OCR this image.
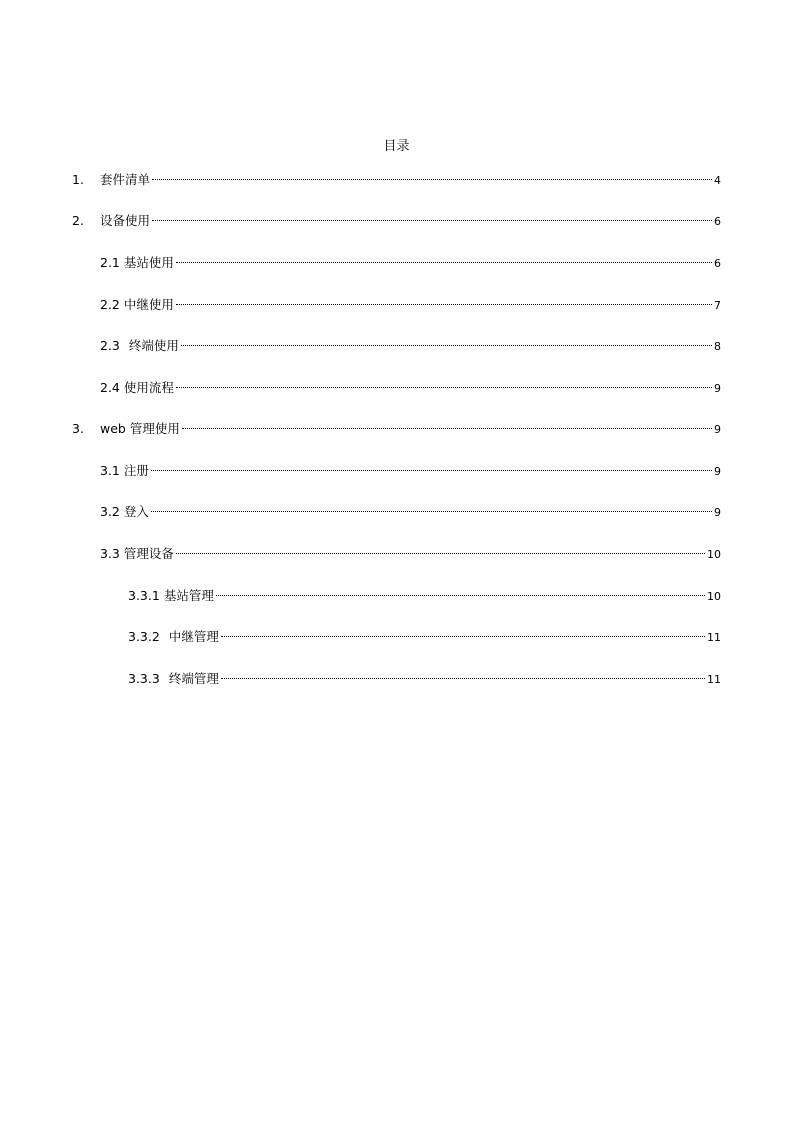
目录
1.	套件清单	4
2.	设备使用	6
2.1 基站使用	6
2.2 中继使用	7
2.3 终端使用	8
2.4 使用流程	9
3.	web 管理使用	9
3.1 注册	9
3.2 登入	9
3.3 管理设备	10
3.3.1 基站管理	10
3.3.2 中继管理	11
3.3.3 终端管理	11
